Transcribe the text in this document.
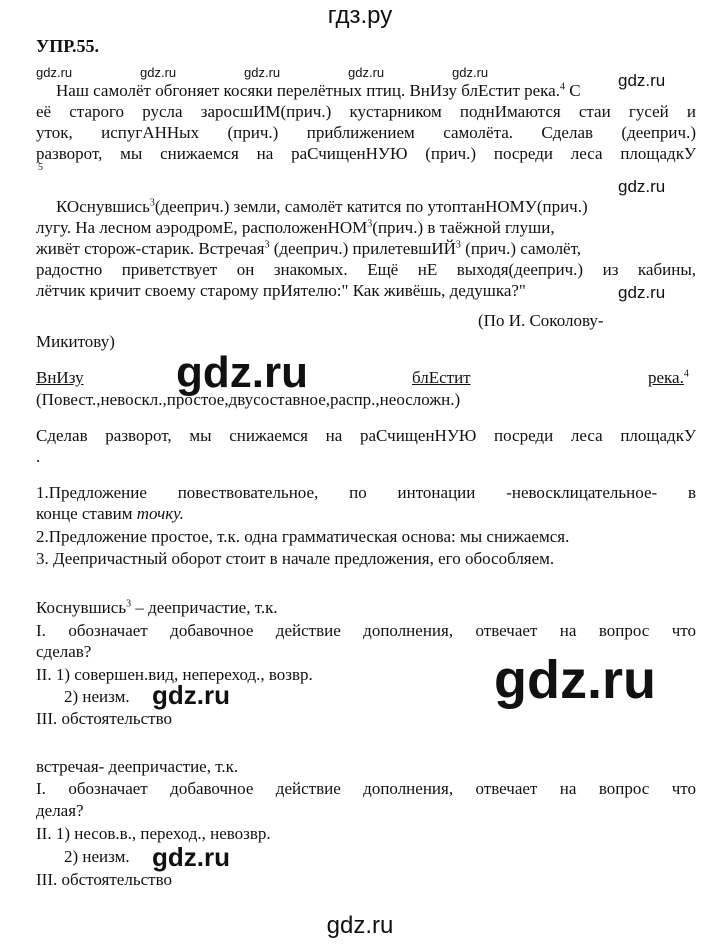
гдз.ру
УПР.55.
gdz.ru	gdz.ru	gdz.ru	gdz.ru	gdz.ru	gdz.ru
gdz.ru
gdz.ru
Наш самолёт обгоняет косяки перелётных птиц. ВнИзу блЕстит река.$^4$ С
её старого русла заросшИМ(прич.) кустарником поднИмаются стаи гусей и
уток, испугАННых (прич.) приближением самолёта. Сделав (дееприч.)
разворот, мы снижаемся на раСчищенНУЮ (прич.) посреди леса площадкУ
5
КОснувшись$^3$(дееприч.) земли, самолёт катится по утоптанНОМУ(прич.)
лугу. На лесном аэродромЕ, расположенНОМ$^3$(прич.) в таёжной глуши,
живёт сторож-старик. Встречая$^3$ (дееприч.) прилетевшИЙ$^3$ (прич.) самолёт,
радостно приветствует он знакомых. Ещё нЕ выходя(дееприч.) из кабины,
лётчик кричит своему старому прИятелю:" Как живёшь, дедушка?"
(По И. Соколову-
Микитову)
gdz.ru
ВнИзу	блЕстит	река.$^4$
(Повест.,невоскл.,простое,двусоставное,распр.,неосложн.)
Сделав разворот, мы снижаемся на раСчищенНУЮ посреди леса площадкУ
.
1.Предложение повествовательное, по интонации -невосклицательное- в
конце ставим точку.
2.Предложение простое, т.к. одна грамматическая основа: мы снижаемся.
3. Деепричастный оборот стоит в начале предложения, его обособляем.
Коснувшись$^3$ – деепричастие, т.к.
I. обозначает добавочное действие дополнения, отвечает на вопрос что
сделав?
II. 1) совершен.вид, непереход., возвр.
2) неизм. gdz.ru
III. обстоятельство
gdz.ru
встречая- деепричастие, т.к.
I. обозначает добавочное действие дополнения, отвечает на вопрос что
делая?
II. 1) несов.в., переход., невозвр.
2) неизм. gdz.ru
III. обстоятельство
gdz.ru
